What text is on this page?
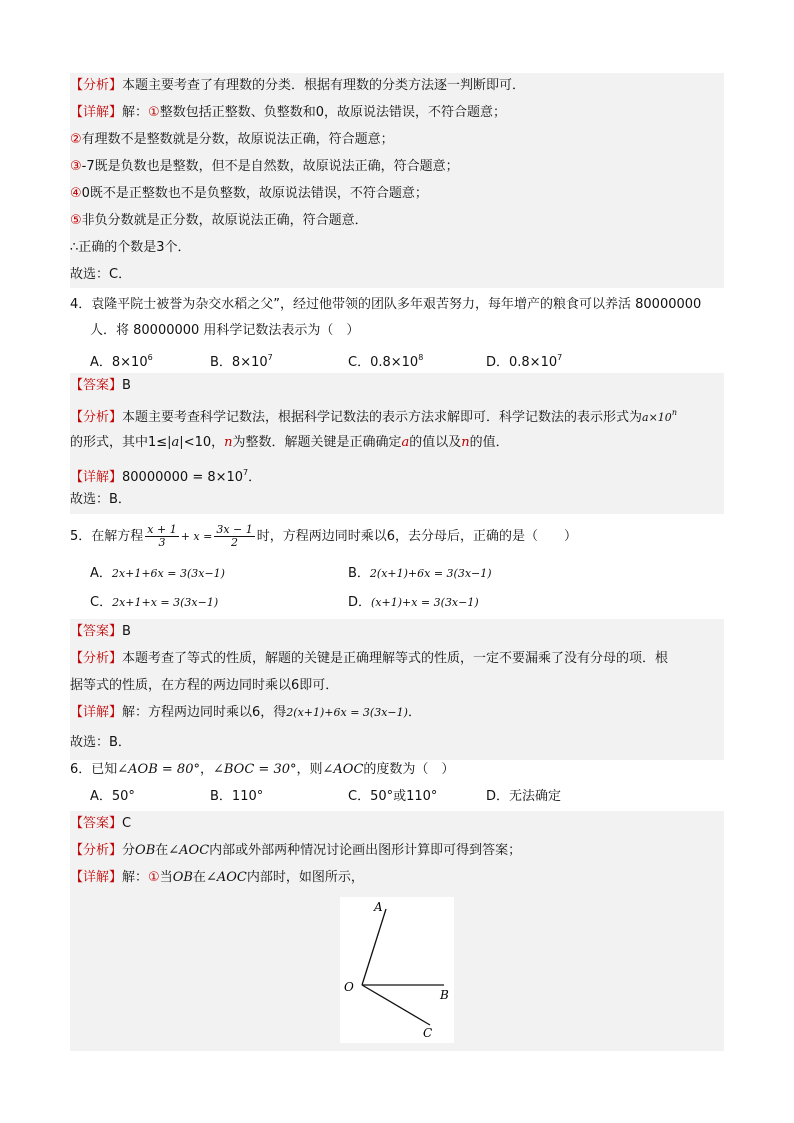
【分析】本题主要考查了有理数的分类．根据有理数的分类方法逐一判断即可．
【详解】解：①整数包括正整数、负整数和0，故原说法错误，不符合题意；
②有理数不是整数就是分数，故原说法正确，符合题意；
③-7既是负数也是整数，但不是自然数，故原说法正确，符合题意；
④0既不是正整数也不是负整数，故原说法错误，不符合题意；
⑤非负分数就是正分数，故原说法正确，符合题意．
∴正确的个数是3个．
故选：C．
4．袁隆平院士被誉为杂交水稻之父”，经过他带领的团队多年艰苦努力，每年增产的粮食可以养活 80000000
人．将 80000000 用科学记数法表示为（　）
A．$8\times 10^6$	B．$8\times 10^7$	C．$0.8\times 10^8$	D．$0.8\times 10^7$
【答案】B
【分析】本题主要考查科学记数法，根据科学记数法的表示方法求解即可．科学记数法的表示形式为$a\times 10^n$
的形式，其中1≤|a|<10，n为整数．解题关键是正确确定a的值以及n的值．
【详解】$80000000 = 8\times 10^7$．
故选：B．
5．在解方程 $\frac{x + 1}{3} + x = \frac{3x - 1}{2}$ 时，方程两边同时乘以6，去分母后，正确的是（　　）
A．2x+1+6x = 3(3x−1)	B．2(x+1)+6x = 3(3x−1)
C．2x+1+x = 3(3x−1)	D．(x+1)+x = 3(3x−1)
【答案】B
【分析】本题考查了等式的性质，解题的关键是正确理解等式的性质，一定不要漏乘了没有分母的项．根
据等式的性质，在方程的两边同时乘以6即可．
【详解】解：方程两边同时乘以6，得2(x+1)+6x = 3(3x−1)．
故选：B．
6．已知∠AOB = 80°，∠BOC = 30°，则∠AOC的度数为（　）
A．50°	B．110°	C．50°或110°	D．无法确定
【答案】C
【分析】分OB在∠AOC内部或外部两种情况讨论画出图形计算即可得到答案；
【详解】解：①当OB在∠AOC内部时，如图所示，
A
O
B
C
